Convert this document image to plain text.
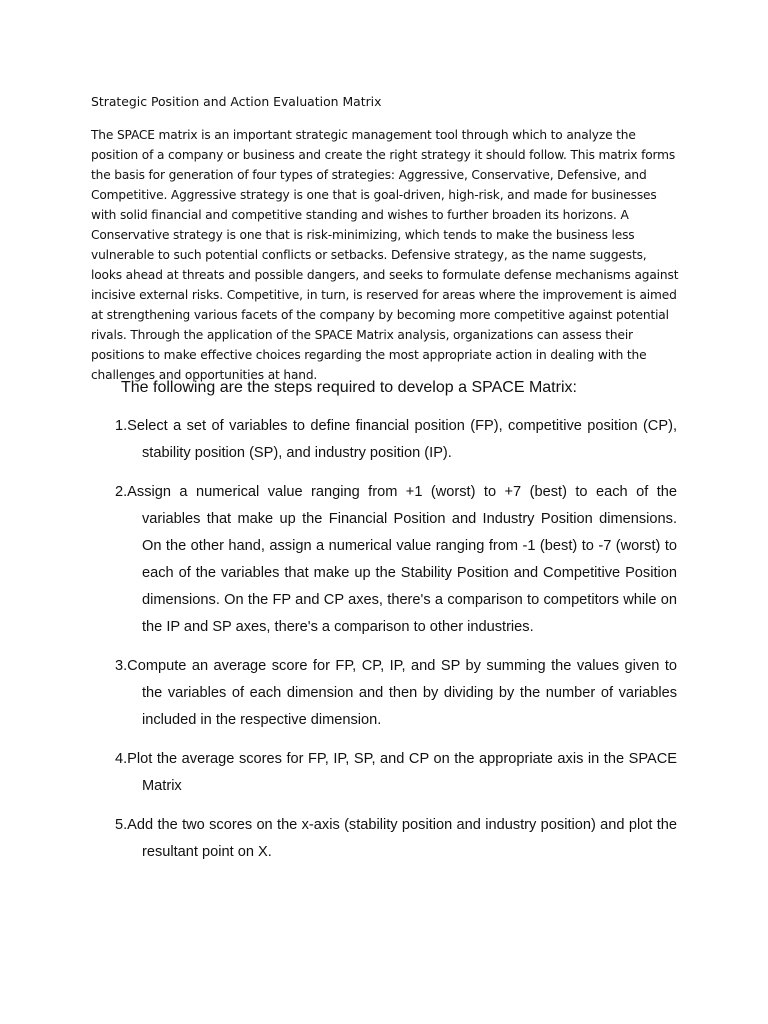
Strategic Position and Action Evaluation Matrix

The SPACE matrix is an important strategic management tool through which to analyze the position of a company or business and create the right strategy it should follow. This matrix forms the basis for generation of four types of strategies: Aggressive, Conservative, Defensive, and Competitive. Aggressive strategy is one that is goal-driven, high-risk, and made for businesses with solid financial and competitive standing and wishes to further broaden its horizons. A Conservative strategy is one that is risk-minimizing, which tends to make the business less vulnerable to such potential conflicts or setbacks. Defensive strategy, as the name suggests, looks ahead at threats and possible dangers, and seeks to formulate defense mechanisms against incisive external risks. Competitive, in turn, is reserved for areas where the improvement is aimed at strengthening various facets of the company by becoming more competitive against potential rivals. Through the application of the SPACE Matrix analysis, organizations can assess their positions to make effective choices regarding the most appropriate action in dealing with the challenges and opportunities at hand.

The following are the steps required to develop a SPACE Matrix:
1.Select a set of variables to define financial position (FP), competitive position (CP), stability position (SP), and industry position (IP).
2.Assign a numerical value ranging from +1 (worst) to +7 (best) to each of the variables that make up the Financial Position and Industry Position dimensions. On the other hand, assign a numerical value ranging from -1 (best) to -7 (worst) to each of the variables that make up the Stability Position and Competitive Position dimensions. On the FP and CP axes, there's a comparison to competitors while on the IP and SP axes, there's a comparison to other industries.
3.Compute an average score for FP, CP, IP, and SP by summing the values given to the variables of each dimension and then by dividing by the number of variables included in the respective dimension.
4.Plot the average scores for FP, IP, SP, and CP on the appropriate axis in the SPACE Matrix
5.Add the two scores on the x-axis (stability position and industry position) and plot the resultant point on X.
